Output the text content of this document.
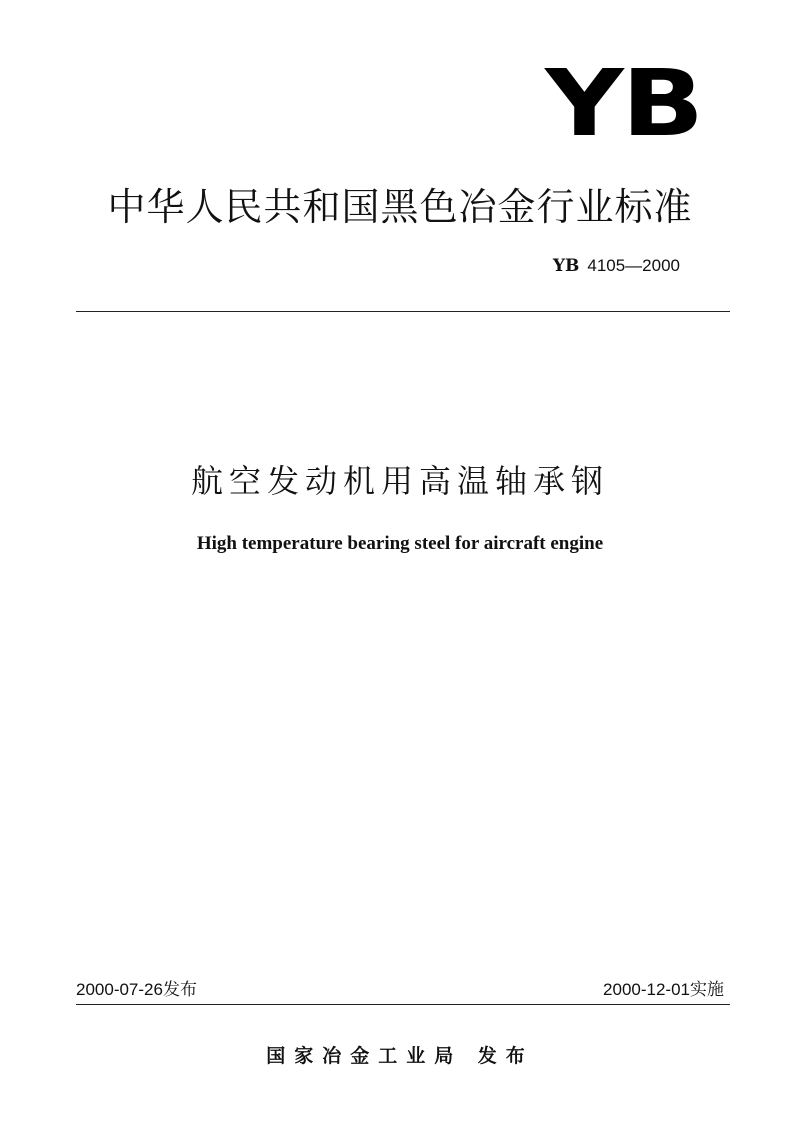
YB
中华人民共和国黑色冶金行业标准
YB 4105—2000
航空发动机用高温轴承钢
High temperature bearing steel for aircraft engine
2000-07-26发布	2000-12-01实施
国家冶金工业局 发布
